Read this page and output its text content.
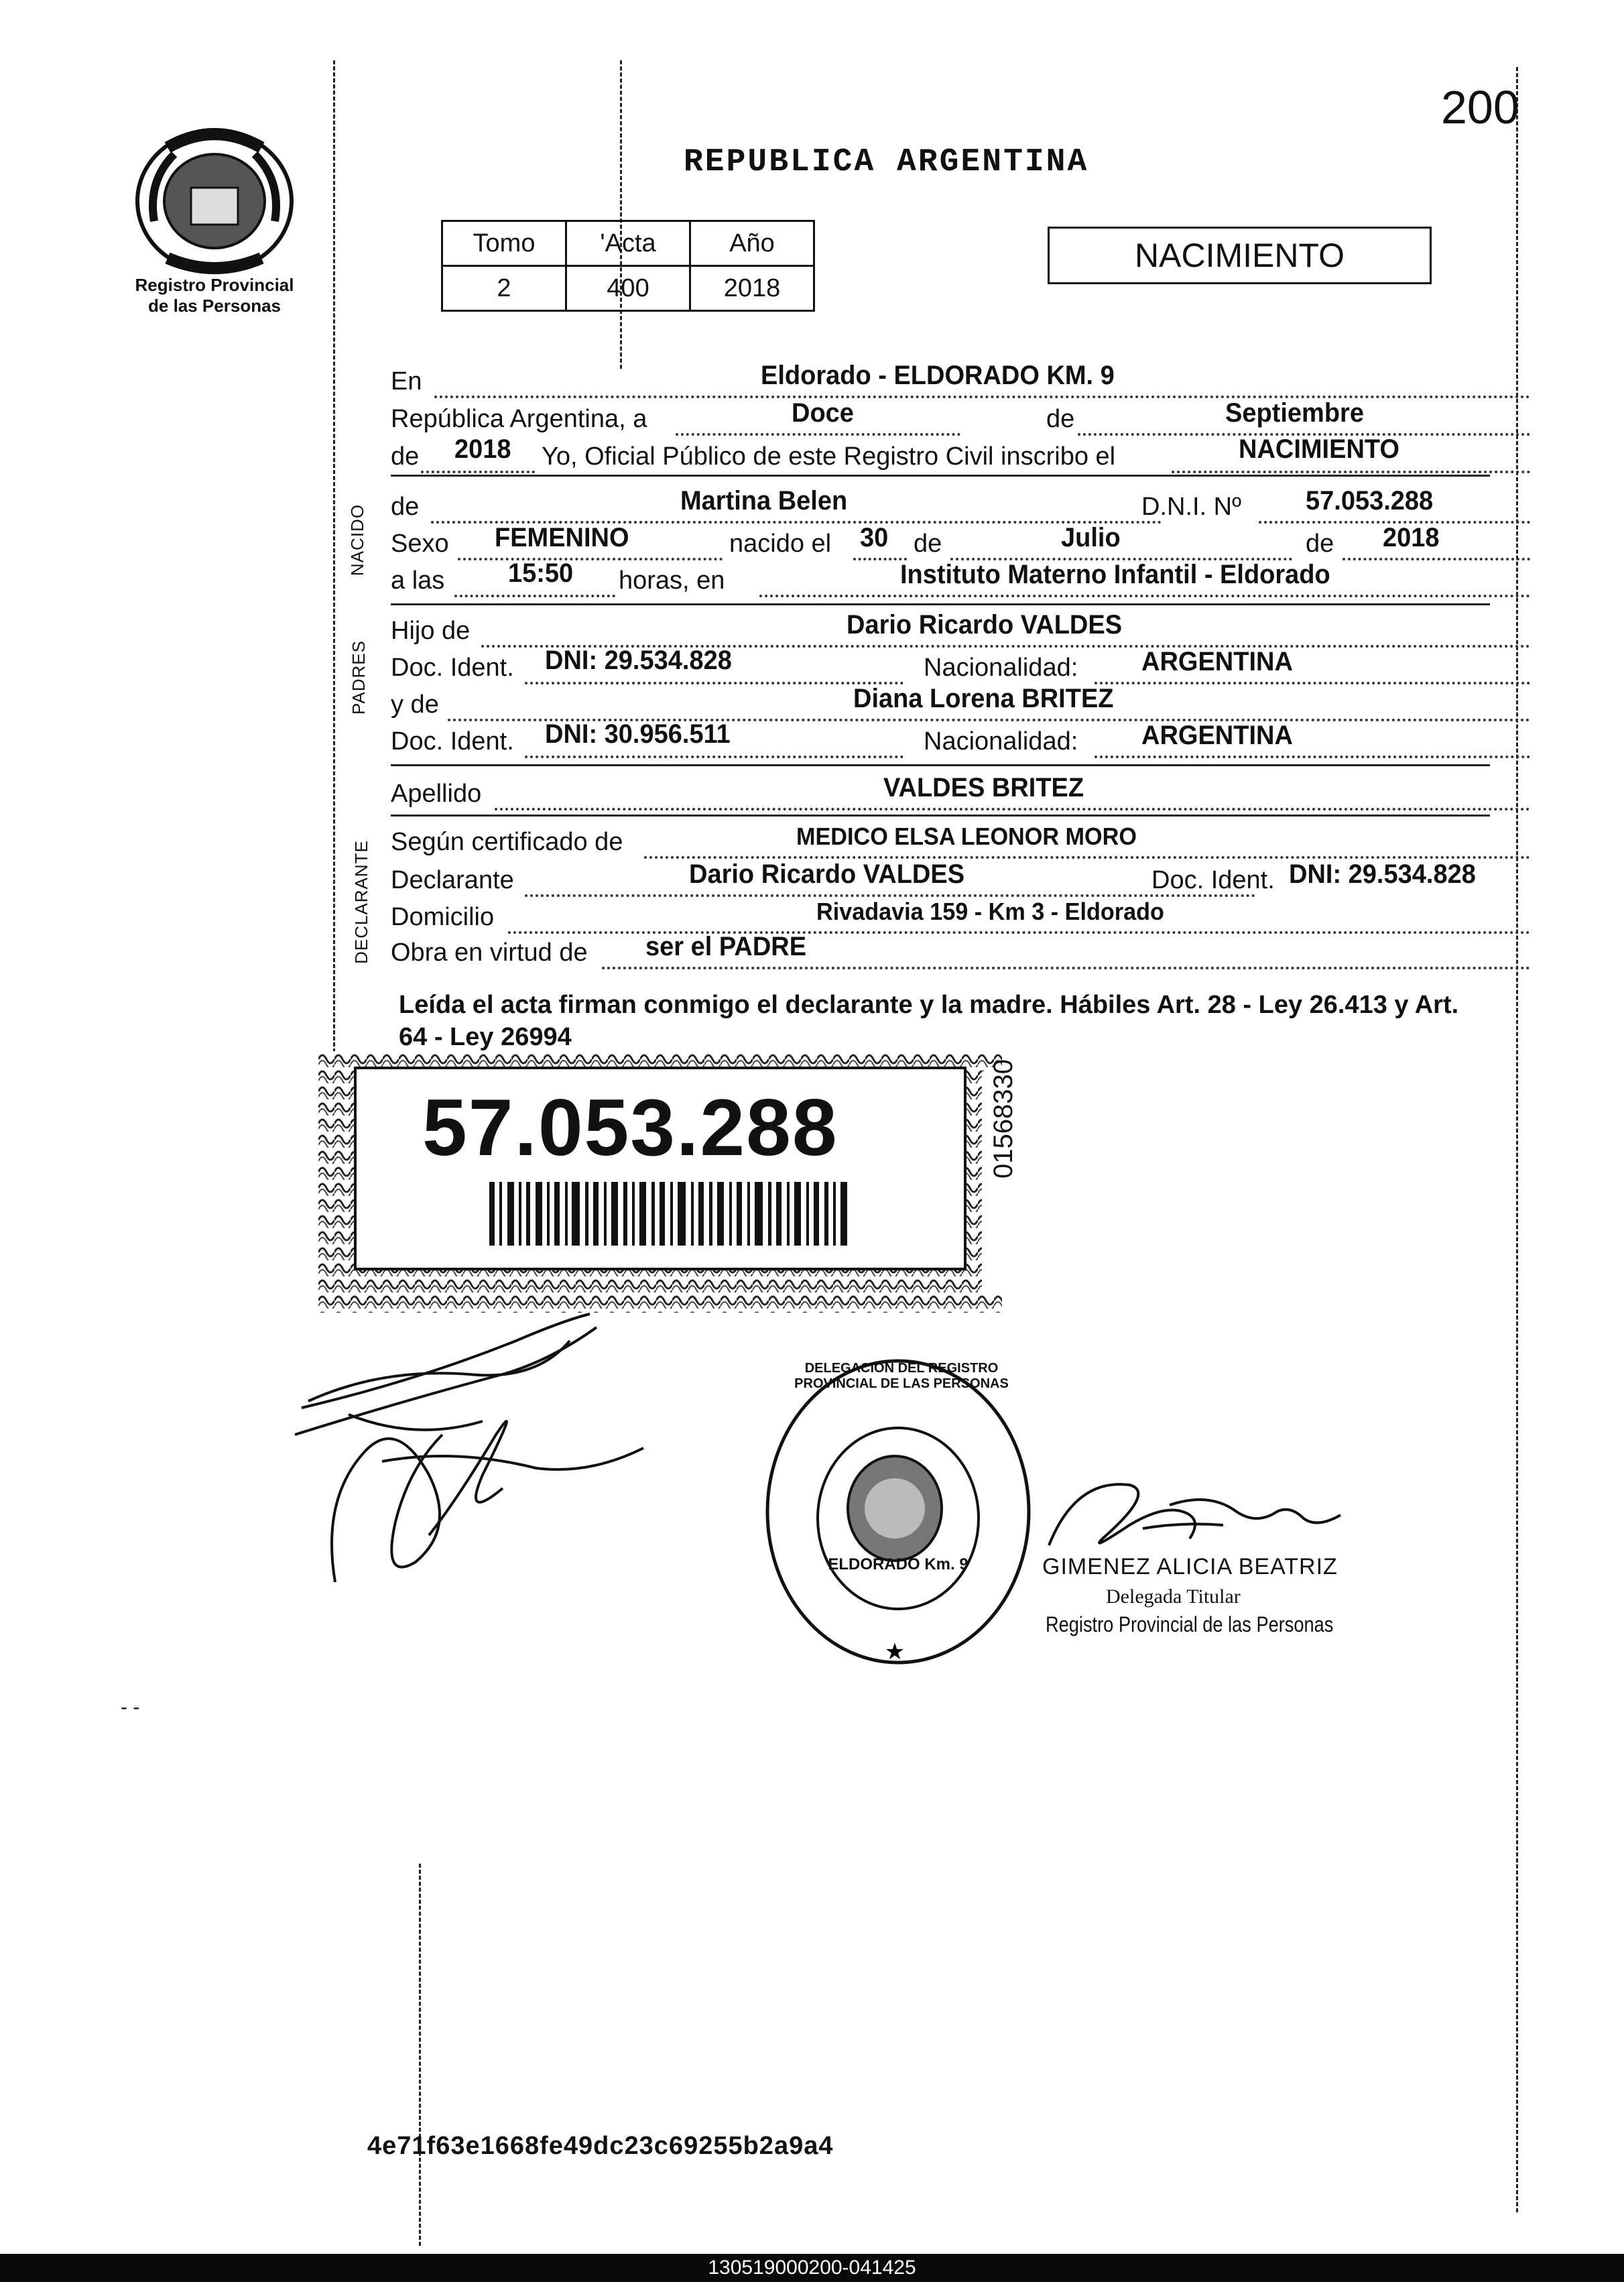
200
Registro Provincial
de las Personas
REPUBLICA ARGENTINA
Tomo	'Acta	Año
2	400	2018
NACIMIENTO
En	Eldorado - ELDORADO KM. 9
República Argentina, a	Doce	de	Septiembre
de 2018 Yo, Oficial Público de este Registro Civil inscribo el	NACIMIENTO
de	Martina Belen	D.N.I. Nº 57.053.288
Sexo FEMENINO	nacido el 30 de	Julio	de 2018
a las 15:50 horas, en	Instituto Materno Infantil - Eldorado
Hijo de	Dario Ricardo VALDES
Doc. Ident. DNI: 29.534.828	Nacionalidad: ARGENTINA
y de	Diana Lorena BRITEZ
Doc. Ident. DNI: 30.956.511	Nacionalidad: ARGENTINA
Apellido	VALDES BRITEZ
Según certificado de	MEDICO ELSA LEONOR MORO
Declarante	Dario Ricardo VALDES	Doc. Ident. DNI: 29.534.828
Domicilio	Rivadavia 159 - Km 3 - Eldorado
Obra en virtud de ser el PADRE
NACIDO
PADRES
DECLARANTE
Leída el acta firman conmigo el declarante y la madre. Hábiles Art. 28 - Ley 26.413 y Art. 64 - Ley 26994
57.053.288	01568330
★
ELDORADO Km. 9
DELEGACION DEL REGISTRO PROVINCIAL DE LAS PERSONAS
GIMENEZ ALICIA BEATRIZ
Delegada Titular
Registro Provincial de las Personas
- -
4e71f63e1668fe49dc23c69255b2a9a4
130519000200-041425
